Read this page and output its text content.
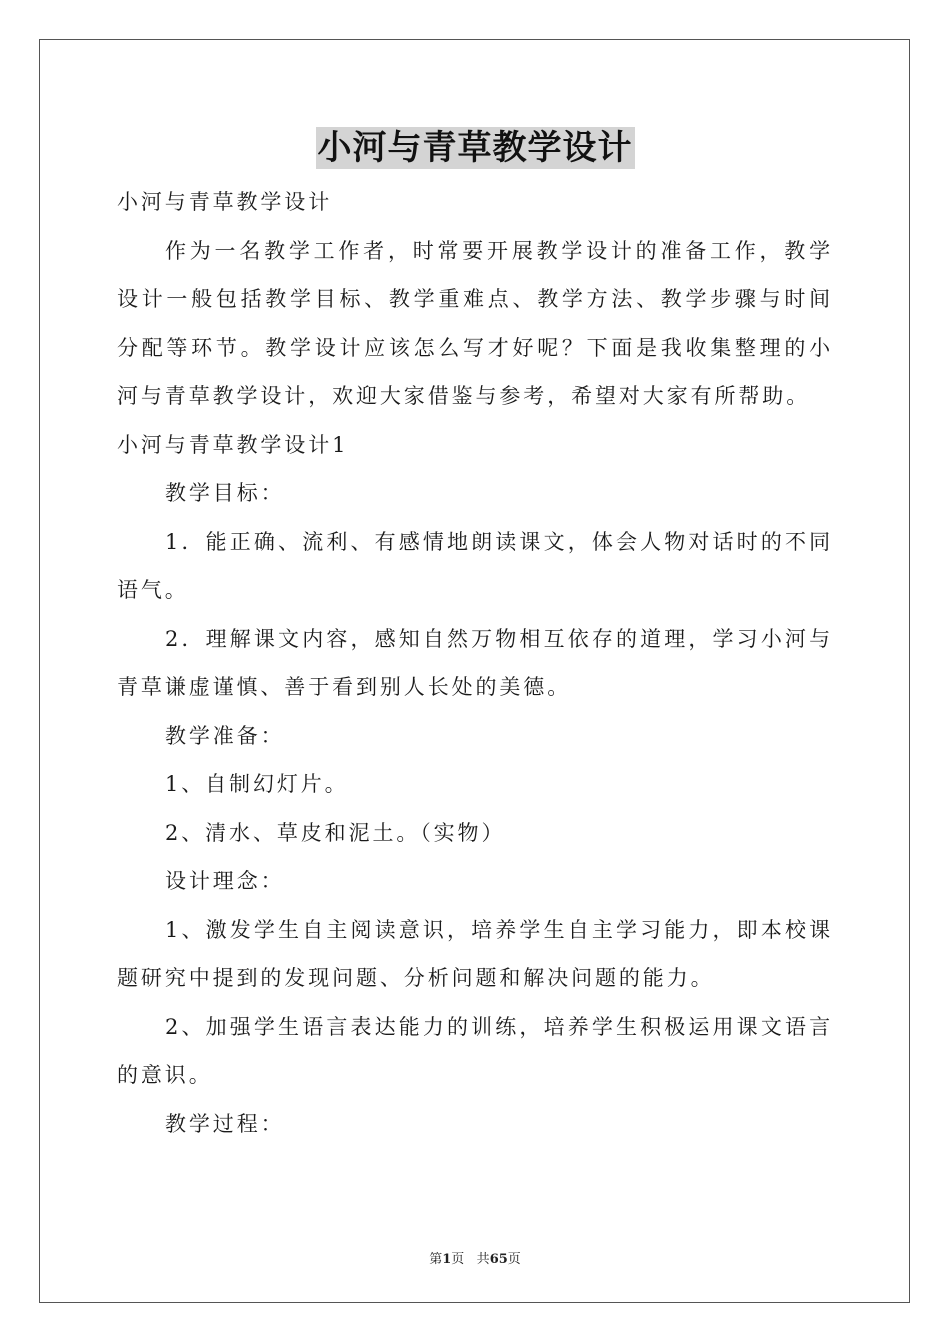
小河与青草教学设计

小河与青草教学设计

作为一名教学工作者，时常要开展教学设计的准备工作，教学设计一般包括教学目标、教学重难点、教学方法、教学步骤与时间分配等环节。教学设计应该怎么写才好呢？下面是我收集整理的小河与青草教学设计，欢迎大家借鉴与参考，希望对大家有所帮助。

小河与青草教学设计1

教学目标：

1．能正确、流利、有感情地朗读课文，体会人物对话时的不同语气。

2．理解课文内容，感知自然万物相互依存的道理，学习小河与青草谦虚谨慎、善于看到别人长处的美德。

教学准备：

1、自制幻灯片。

2、清水、草皮和泥土。（实物）

设计理念：

1、激发学生自主阅读意识，培养学生自主学习能力，即本校课题研究中提到的发现问题、分析问题和解决问题的能力。

2、加强学生语言表达能力的训练，培养学生积极运用课文语言的意识。

教学过程：

第1页 共65页
